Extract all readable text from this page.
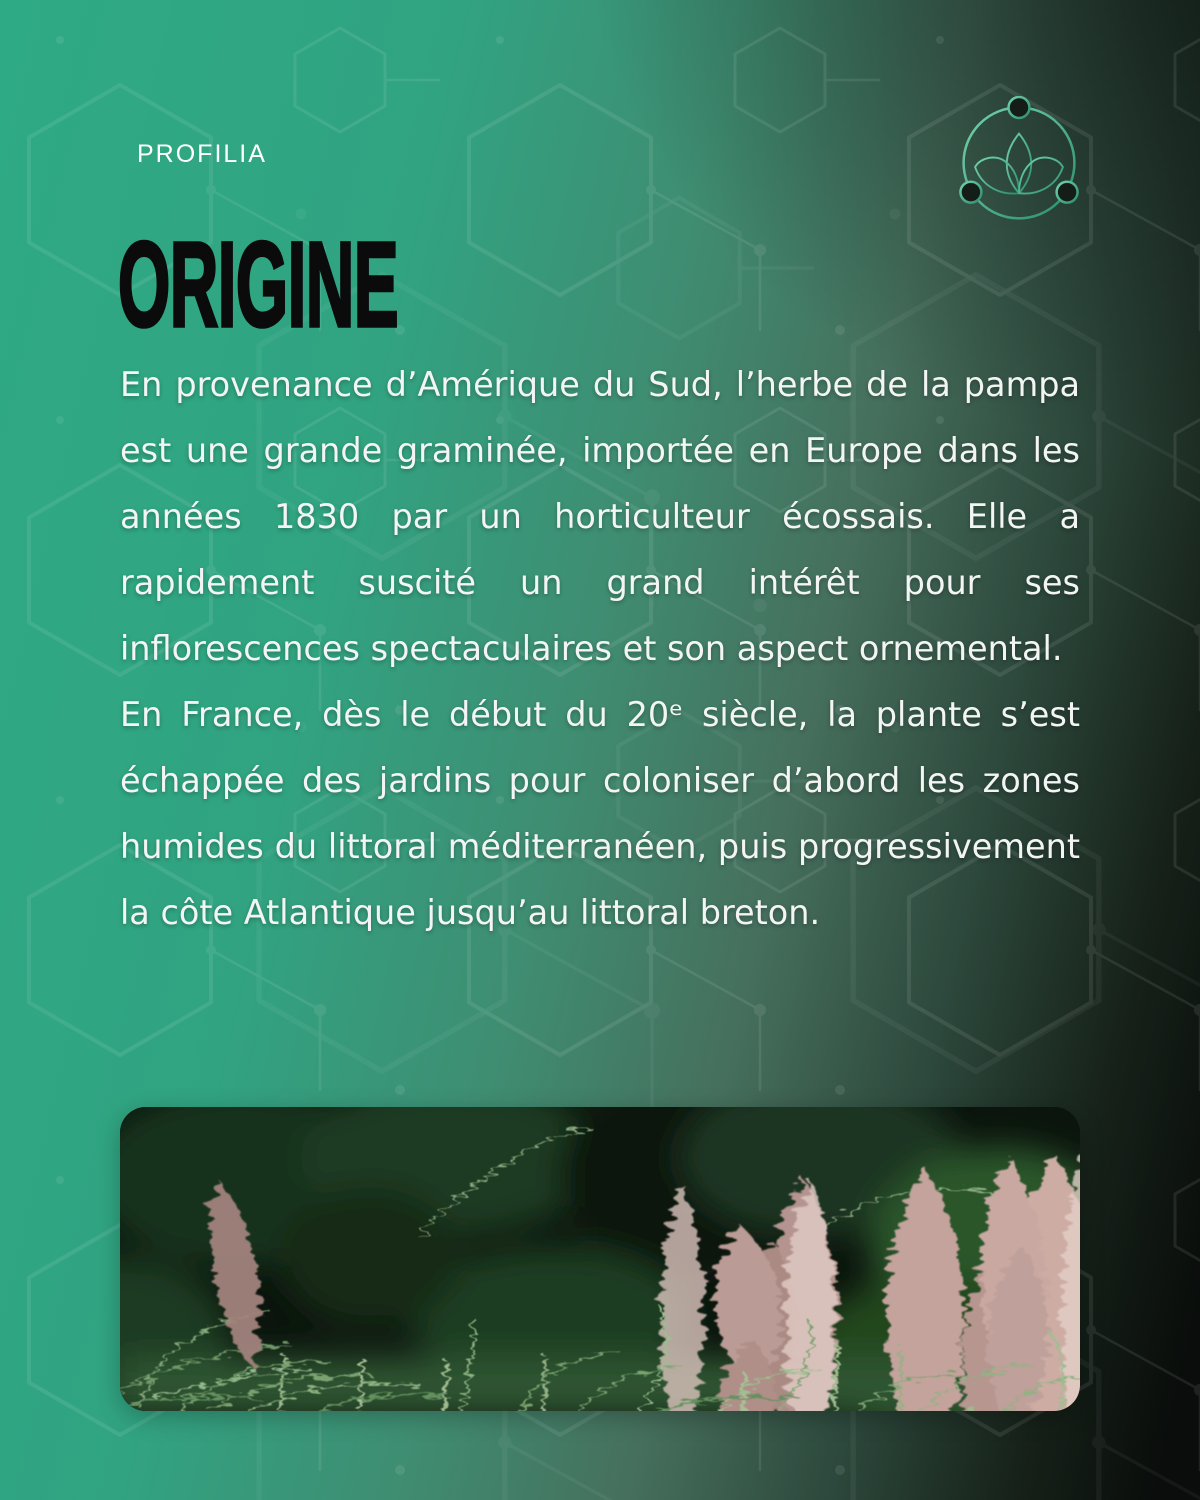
PROFILIA
ORIGINE

En provenance d’Amérique du Sud, l’herbe de la pampa est une grande graminée, importée en Europe dans les années 1830 par un horticulteur écossais. Elle a rapidement suscité un grand intérêt pour ses inflorescences spectaculaires et son aspect ornemental.

En France, dès le début du 20ᵉ siècle, la plante s’est échappée des jardins pour coloniser d’abord les zones humides du littoral méditerranéen, puis progressivement la côte Atlantique jusqu’au littoral breton.
